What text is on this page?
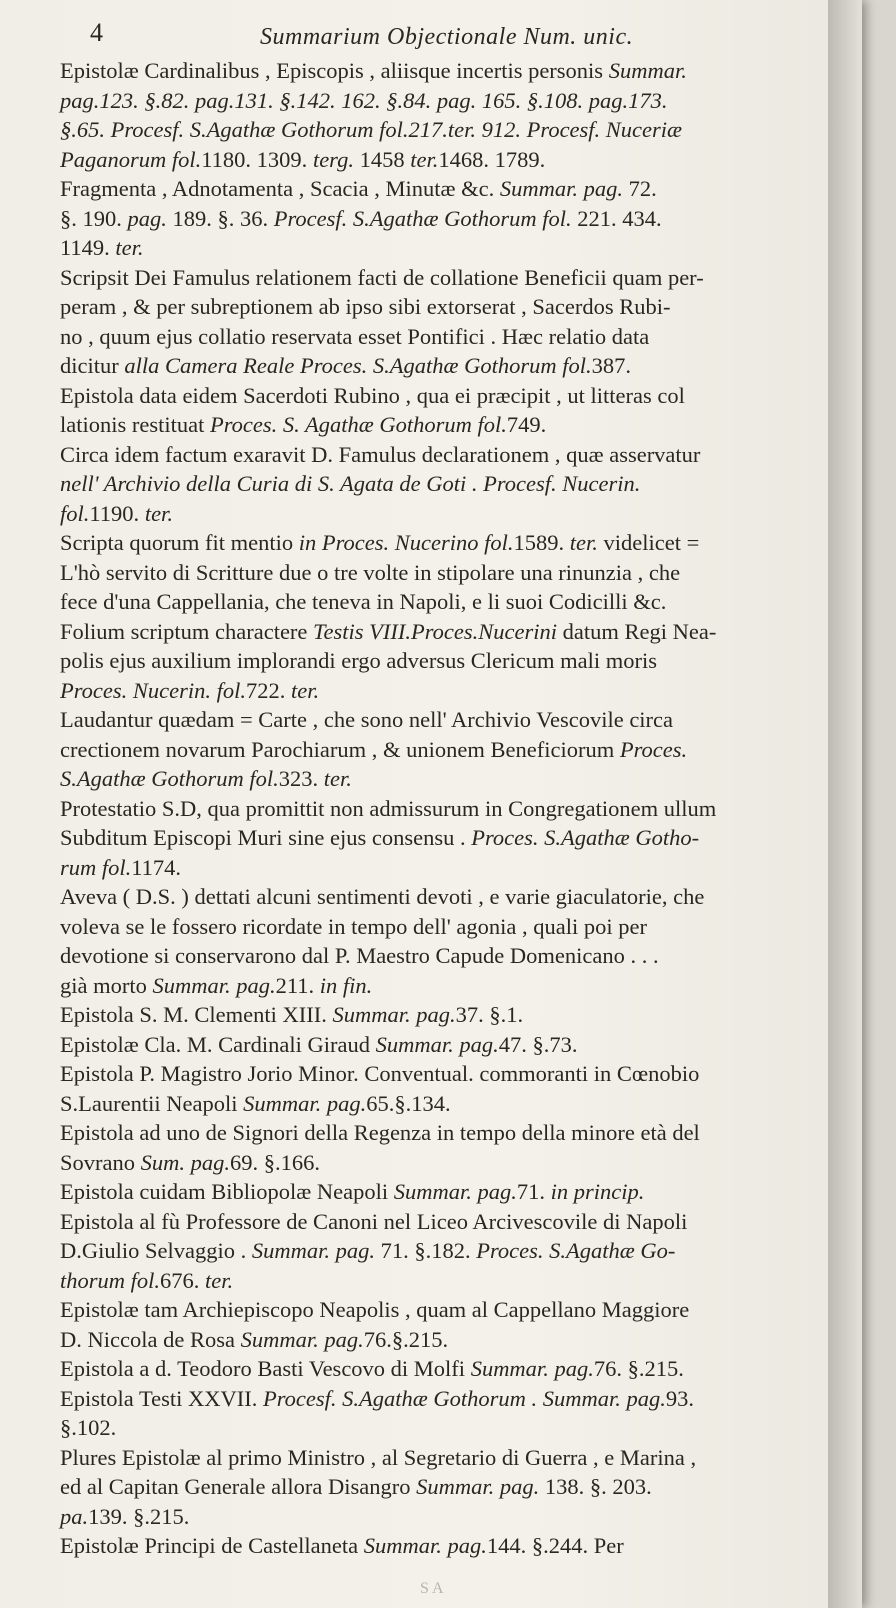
4	Summarium Objectionale Num. unic.

Epistolæ Cardinalibus , Episcopis , aliisque incertis personis Summar.
pag.123. §.82. pag.131. §.142. 162. §.84. pag. 165. §.108. pag.173.
§.65. Procesf. S.Agathæ Gothorum fol.217.ter. 912. Procesf. Nuceriæ
Paganorum fol.1180. 1309. terg. 1458 ter.1468. 1789.

Fragmenta , Adnotamenta , Scacia , Minutæ &c. Summar. pag. 72.
§. 190. pag. 189. §. 36. Procesf. S.Agathæ Gothorum fol. 221. 434.
1149. ter.

Scripsit Dei Famulus relationem facti de collatione Beneficii quam per-
peram , & per subreptionem ab ipso sibi extorserat , Sacerdos Rubi-
no , quum ejus collatio reservata esset Pontifici . Hæc relatio data
dicitur alla Camera Reale Proces. S.Agathæ Gothorum fol.387.

Epistola data eidem Sacerdoti Rubino , qua ei præcipit , ut litteras col
lationis restituat Proces. S. Agathæ Gothorum fol.749.

Circa idem factum exaravit D. Famulus declarationem , quæ asservatur
nell' Archivio della Curia di S. Agata de Goti . Procesf. Nucerin.
fol.1190. ter.

Scripta quorum fit mentio in Proces. Nucerino fol.1589. ter. videlicet =
L'hò servito di Scritture due o tre volte in stipolare una rinunzia , che
fece d'una Cappellania, che teneva in Napoli, e li suoi Codicilli &c.

Folium scriptum charactere Testis VIII.Proces.Nucerini datum Regi Nea-
polis ejus auxilium implorandi ergo adversus Clericum mali moris
Proces. Nucerin. fol.722. ter.

Laudantur quædam = Carte , che sono nell' Archivio Vescovile circa
crectionem novarum Parochiarum , & unionem Beneficiorum Proces.
S.Agathæ Gothorum fol.323. ter.

Protestatio S.D, qua promittit non admissurum in Congregationem ullum
Subditum Episcopi Muri sine ejus consensu . Proces. S.Agathæ Gotho-
rum fol.1174.

Aveva ( D.S. ) dettati alcuni sentimenti devoti , e varie giaculatorie, che
voleva se le fossero ricordate in tempo dell' agonia , quali poi per
devotione si conservarono dal P. Maestro Capude Domenicano . . .
già morto Summar. pag.211. in fin.

Epistola S. M. Clementi XIII. Summar. pag.37. §.1.

Epistolæ Cla. M. Cardinali Giraud Summar. pag.47. §.73.

Epistola P. Magistro Jorio Minor. Conventual. commoranti in Cœnobio
S.Laurentii Neapoli Summar. pag.65.§.134.

Epistola ad uno de Signori della Regenza in tempo della minore età del
Sovrano Sum. pag.69. §.166.

Epistola cuidam Bibliopolæ Neapoli Summar. pag.71. in princip.

Epistola al fù Professore de Canoni nel Liceo Arcivescovile di Napoli
D.Giulio Selvaggio . Summar. pag. 71. §.182. Proces. S.Agathæ Go-
thorum fol.676. ter.

Epistolæ tam Archiepiscopo Neapolis , quam al Cappellano Maggiore
D. Niccola de Rosa Summar. pag.76.§.215.

Epistola a d. Teodoro Basti Vescovo di Molfi Summar. pag.76. §.215.

Epistola Testi XXVII. Procesf. S.Agathæ Gothorum . Summar. pag.93.
§.102.

Plures Epistolæ al primo Ministro , al Segretario di Guerra , e Marina ,
ed al Capitan Generale allora Disangro Summar. pag. 138. §. 203.
pa.139. §.215.

Epistolæ Principi de Castellaneta Summar. pag.144. §.244. Per

S A
